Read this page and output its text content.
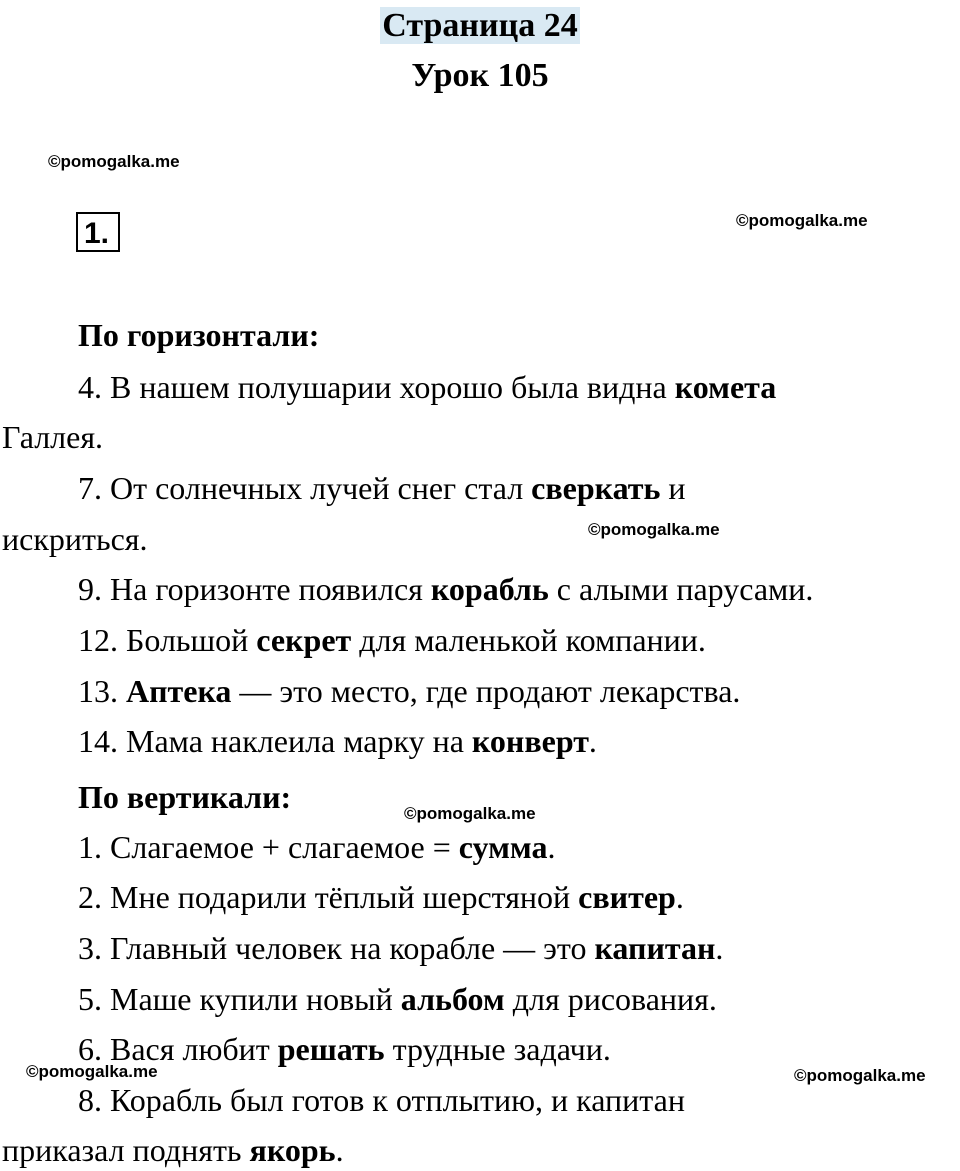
Страница 24
Урок 105
©pomogalka.me
©pomogalka.me
©pomogalka.me
©pomogalka.me
©pomogalka.me	©pomogalka.me
1.
По горизонтали:
4. В нашем полушарии хорошо была видна комета
Галлея.
7. От солнечных лучей снег стал сверкать и
искриться.
9. На горизонте появился корабль с алыми парусами.
12. Большой секрет для маленькой компании.
13. Аптека — это место, где продают лекарства.
14. Мама наклеила марку на конверт.
По вертикали:
1. Слагаемое + слагаемое = сумма.
2. Мне подарили тёплый шерстяной свитер.
3. Главный человек на корабле — это капитан.
5. Маше купили новый альбом для рисования.
6. Вася любит решать трудные задачи.
8. Корабль был готов к отплытию, и капитан
приказал поднять якорь.
